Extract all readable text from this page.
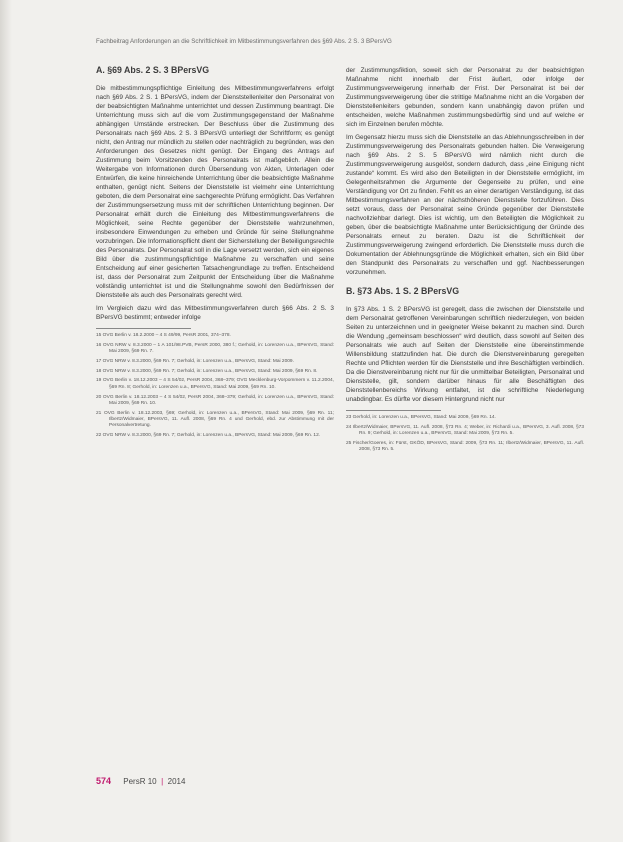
Fachbeitrag Anforderungen an die Schriftlichkeit im Mitbestimmungsverfahren des §69 Abs. 2 S. 3 BPersVG
A. §69 Abs. 2 S. 3 BPersVG

Die mitbestimmungspflichtige Einleitung des Mitbestimmungsverfahrens erfolgt nach §69 Abs. 2 S. 1 BPersVG, indem der Dienststellenleiter den Personalrat von der beabsichtigten Maßnahme unterrichtet und dessen Zustimmung beantragt. Die Unterrichtung muss sich auf die vom Zustimmungsgegenstand der Maßnahme abhängigen Umstände erstrecken. Der Beschluss über die Zustimmung des Personalrats nach §69 Abs. 2 S. 3 BPersVG unterliegt der Schriftform; es genügt nicht, den Antrag nur mündlich zu stellen oder nachträglich zu begründen, was den Anforderungen des Gesetzes nicht genügt. Der Eingang des Antrags auf Zustimmung beim Vorsitzenden des Personalrats ist maßgeblich. Allein die Weitergabe von Informationen durch Übersendung von Akten, Unterlagen oder Entwürfen, die keine hinreichende Unterrichtung über die beabsichtigte Maßnahme enthalten, genügt nicht. Seitens der Dienststelle ist vielmehr eine Unterrichtung geboten, die dem Personalrat eine sachgerechte Prüfung ermöglicht. Das Verfahren der Zustimmungsersetzung muss mit der schriftlichen Unterrichtung beginnen. Der Personalrat erhält durch die Einleitung des Mitbestimmungsverfahrens die Möglichkeit, seine Rechte gegenüber der Dienststelle wahrzunehmen, insbesondere Einwendungen zu erheben und Gründe für seine Stellungnahme vorzubringen. Die Informationspflicht dient der Sicherstellung der Beteiligungsrechte des Personalrats. Der Personalrat soll in die Lage versetzt werden, sich ein eigenes Bild über die zustimmungspflichtige Maßnahme zu verschaffen und seine Entscheidung auf einer gesicherten Tatsachengrundlage zu treffen. Entscheidend ist, dass der Personalrat zum Zeitpunkt der Entscheidung über die Maßnahme vollständig unterrichtet ist und die Stellungnahme sowohl den Bedürfnissen der Dienststelle als auch des Personalrats gerecht wird.

Im Vergleich dazu wird das Mitbestimmungsverfahren durch §66 Abs. 2 S. 3 BPersVG bestimmt; entweder infolge

15 OVG Berlin v. 18.2.2000 – 4 S 49/99, PersR 2001, 374–378.
16 OVG NRW v. 8.3.2000 – 1 A 101/98.PVB, PersR 2000, 380 f.; Gerhold, in: Lorenzen u.a., BPersVG, Stand: Mai 2009, §69 Rn. 7.
17 OVG NRW v. 8.3.2000, §69 Rn. 7; Gerhold, in: Lorenzen u.a., BPersVG, Stand: Mai 2009.
18 OVG NRW v. 8.3.2000, §69 Rn. 7; Gerhold, in: Lorenzen u.a., BPersVG, Stand: Mai 2009, §69 Rn. 8.
19 OVG Berlin v. 18.12.2003 – 4 S 54/02, PersR 2004, 368–379; OVG Mecklenburg-Vorpommern v. 11.2.2004, §69 Rn. 8; Gerhold, in: Lorenzen u.a., BPersVG, Stand: Mai 2009, §69 Rn. 10.
20 OVG Berlin v. 18.12.2003 – 4 S 54/02, PersR 2004, 368–379; Gerhold, in: Lorenzen u.a., BPersVG, Stand: Mai 2009, §69 Rn. 10.
21 OVG Berlin v. 18.12.2003, §69; Gerhold, in: Lorenzen u.a., BPersVG, Stand: Mai 2009, §69 Rn. 11; Ilbertz/Widmaier, BPersVG, 11. Aufl. 2008, §69 Rn. 4 und Gerhold, ebd. zur Abstimmung mit der Personalvertretung.
22 OVG NRW v. 8.3.2000, §69 Rn. 7; Gerhold, in: Lorenzen u.a., BPersVG, Stand: Mai 2009, §69 Rn. 12.

der Zustimmungsfiktion, soweit sich der Personalrat zu der beabsichtigten Maßnahme nicht innerhalb der Frist äußert, oder infolge der Zustimmungsverweigerung innerhalb der Frist. Der Personalrat ist bei der Zustimmungsverweigerung über die strittige Maßnahme nicht an die Vorgaben der Dienststellenleiters gebunden, sondern kann unabhängig davon prüfen und entscheiden, welche Maßnahmen zustimmungsbedürftig sind und auf welche er sich im Einzelnen berufen möchte.

Im Gegensatz hierzu muss sich die Dienststelle an das Ablehnungsschreiben in der Zustimmungsverweigerung des Personalrats gebunden halten. Die Verweigerung nach §69 Abs. 2 S. 5 BPersVG wird nämlich nicht durch die Zustimmungsverweigerung ausgelöst, sondern dadurch, dass „eine Einigung nicht zustande“ kommt. Es wird also den Beteiligten in der Dienststelle ermöglicht, im Gelegenheitsrahmen die Argumente der Gegenseite zu prüfen, und eine Verständigung vor Ort zu finden. Fehlt es an einer derartigen Verständigung, ist das Mitbestimmungsverfahren an der nächsthöheren Dienststelle fortzuführen. Dies setzt voraus, dass der Personalrat seine Gründe gegenüber der Dienststelle nachvollziehbar darlegt. Dies ist wichtig, um den Beteiligten die Möglichkeit zu geben, über die beabsichtigte Maßnahme unter Berücksichtigung der Gründe des Personalrats erneut zu beraten. Dazu ist die Schriftlichkeit der Zustimmungsverweigerung zwingend erforderlich. Die Dienststelle muss durch die Dokumentation der Ablehnungsgründe die Möglichkeit erhalten, sich ein Bild über den Standpunkt des Personalrats zu verschaffen und ggf. Nachbesserungen vorzunehmen.

B. §73 Abs. 1 S. 2 BPersVG

In §73 Abs. 1 S. 2 BPersVG ist geregelt, dass die zwischen der Dienststelle und dem Personalrat getroffenen Vereinbarungen schriftlich niederzulegen, von beiden Seiten zu unterzeichnen und in geeigneter Weise bekannt zu machen sind. Durch die Wendung „gemeinsam beschlossen“ wird deutlich, dass sowohl auf Seiten des Personalrats wie auch auf Seiten der Dienststelle eine übereinstimmende Willensbildung stattzufinden hat. Die durch die Dienstvereinbarung geregelten Rechte und Pflichten werden für die Dienststelle und ihre Beschäftigten verbindlich. Da die Dienstvereinbarung nicht nur für die unmittelbar Beteiligten, Personalrat und Dienststelle, gilt, sondern darüber hinaus für alle Beschäftigten des Dienststellenbereichs Wirkung entfaltet, ist die schriftliche Niederlegung unabdingbar. Es dürfte vor diesem Hintergrund nicht nur

23 Gerhold, in: Lorenzen u.a., BPersVG, Stand: Mai 2009, §69 Rn. 14.
24 Ilbertz/Widmaier, BPersVG, 11. Aufl. 2008, §73 Rn. 4; Weber, in: Richardi u.a., BPersVG, 3. Aufl. 2008, §73 Rn. 9; Gerhold, in: Lorenzen u.a., BPersVG, Stand: Mai 2009, §73 Rn. 5.
25 Fischer/Goeres, in: Fürst, GKÖD, BPersVG, Stand: 2009, §73 Rn. 11; Ilbertz/Widmaier, BPersVG, 11. Aufl. 2008, §73 Rn. 5.
574 PersR 10  |  2014
